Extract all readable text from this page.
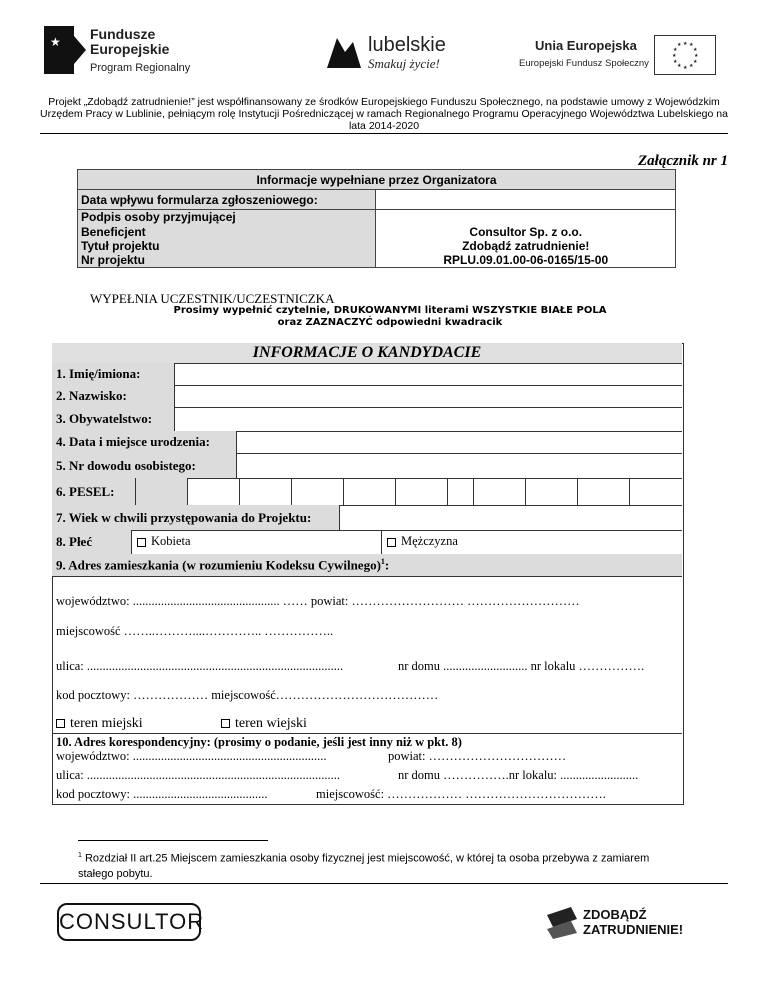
★ Fundusze
Europejskie
Program Regionalny
lubelskie
Smakuj życie!
Unia Europejska
Europejski Fundusz Społeczny
★ ★
★
★
★
★
★
★
★
★
★
★
Projekt „Zdobądź zatrudnienie!” jest współfinansowany ze środków Europejskiego Funduszu Społecznego, na podstawie umowy z Wojewódzkim Urzędem Pracy w Lublinie, pełniącym rolę Instytucji Pośredniczącej w ramach Regionalnego Programu Operacyjnego Województwa Lubelskiego na lata 2014-2020
Załącznik nr 1
Informacje wypełniane przez Organizatora	
Data wpływu formularza zgłoszeniowego:	
Podpis osoby przyjmującej	
Beneficjent	Consultor Sp. z o.o.
Tytuł projektu	Zdobądź zatrudnienie!
Nr projektu	RPLU.09.01.00-06-0165/15-00
WYPEŁNIA UCZESTNIK/UCZESTNICZKA
Prosimy wypełnić czytelnie, DRUKOWANYMI literami WSZYSTKIE BIAŁE POLA
oraz ZAZNACZYĆ odpowiedni kwadracik
INFORMACJE O KANDYDACIE
1. Imię/imiona:
2. Nazwisko:
3. Obywatelstwo:
4. Data i miejsce urodzenia:
5. Nr dowodu osobistego:
6. PESEL:
7. Wiek w chwili przystępowania do Projektu:
8. Płeć	Kobieta	Mężczyzna
9. Adres zamieszkania (w rozumieniu Kodeksu Cywilnego)$^1$:
województwo: ............................................... …… powiat: ……………………… ………………………
miejscowość ……..………....………….. ……………..
ulica: ..................................................................................	nr domu ........................... nr lokalu …………….
kod pocztowy: ……………… miejscowość…………………………………
teren miejski	teren wiejski
10. Adres korespondencyjny: (prosimy o podanie, jeśli jest inny niż w pkt. 8)
województwo: ..............................................................	powiat: ……………………………
ulica: .................................................................................	nr domu …………….nr lokalu: .........................
kod pocztowy: ...........................................	miejscowość: ……………… …………………………….
$^1$ Rozdział II art.25 Miejscem zamieszkania osoby fizycznej jest miejscowość, w której ta osoba przebywa z zamiarem stałego pobytu.
CONSULTOR	ZDOBĄDŹ
ZATRUDNIENIE!
